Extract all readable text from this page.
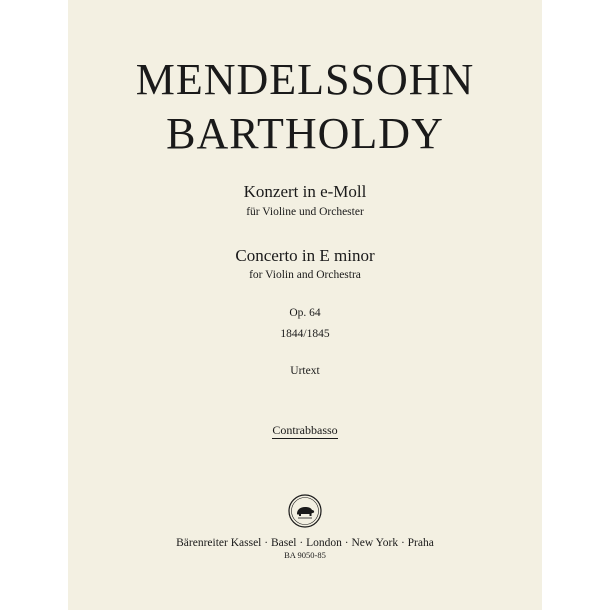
MENDELSSOHN
BARTHOLDY
Konzert in e-Moll
für Violine und Orchester
Concerto in E minor
for Violin and Orchestra
Op. 64
1844/1845
Urtext
Contrabbasso
Bärenreiter Kassel · Basel · London · New York · Praha
BA 9050-85
